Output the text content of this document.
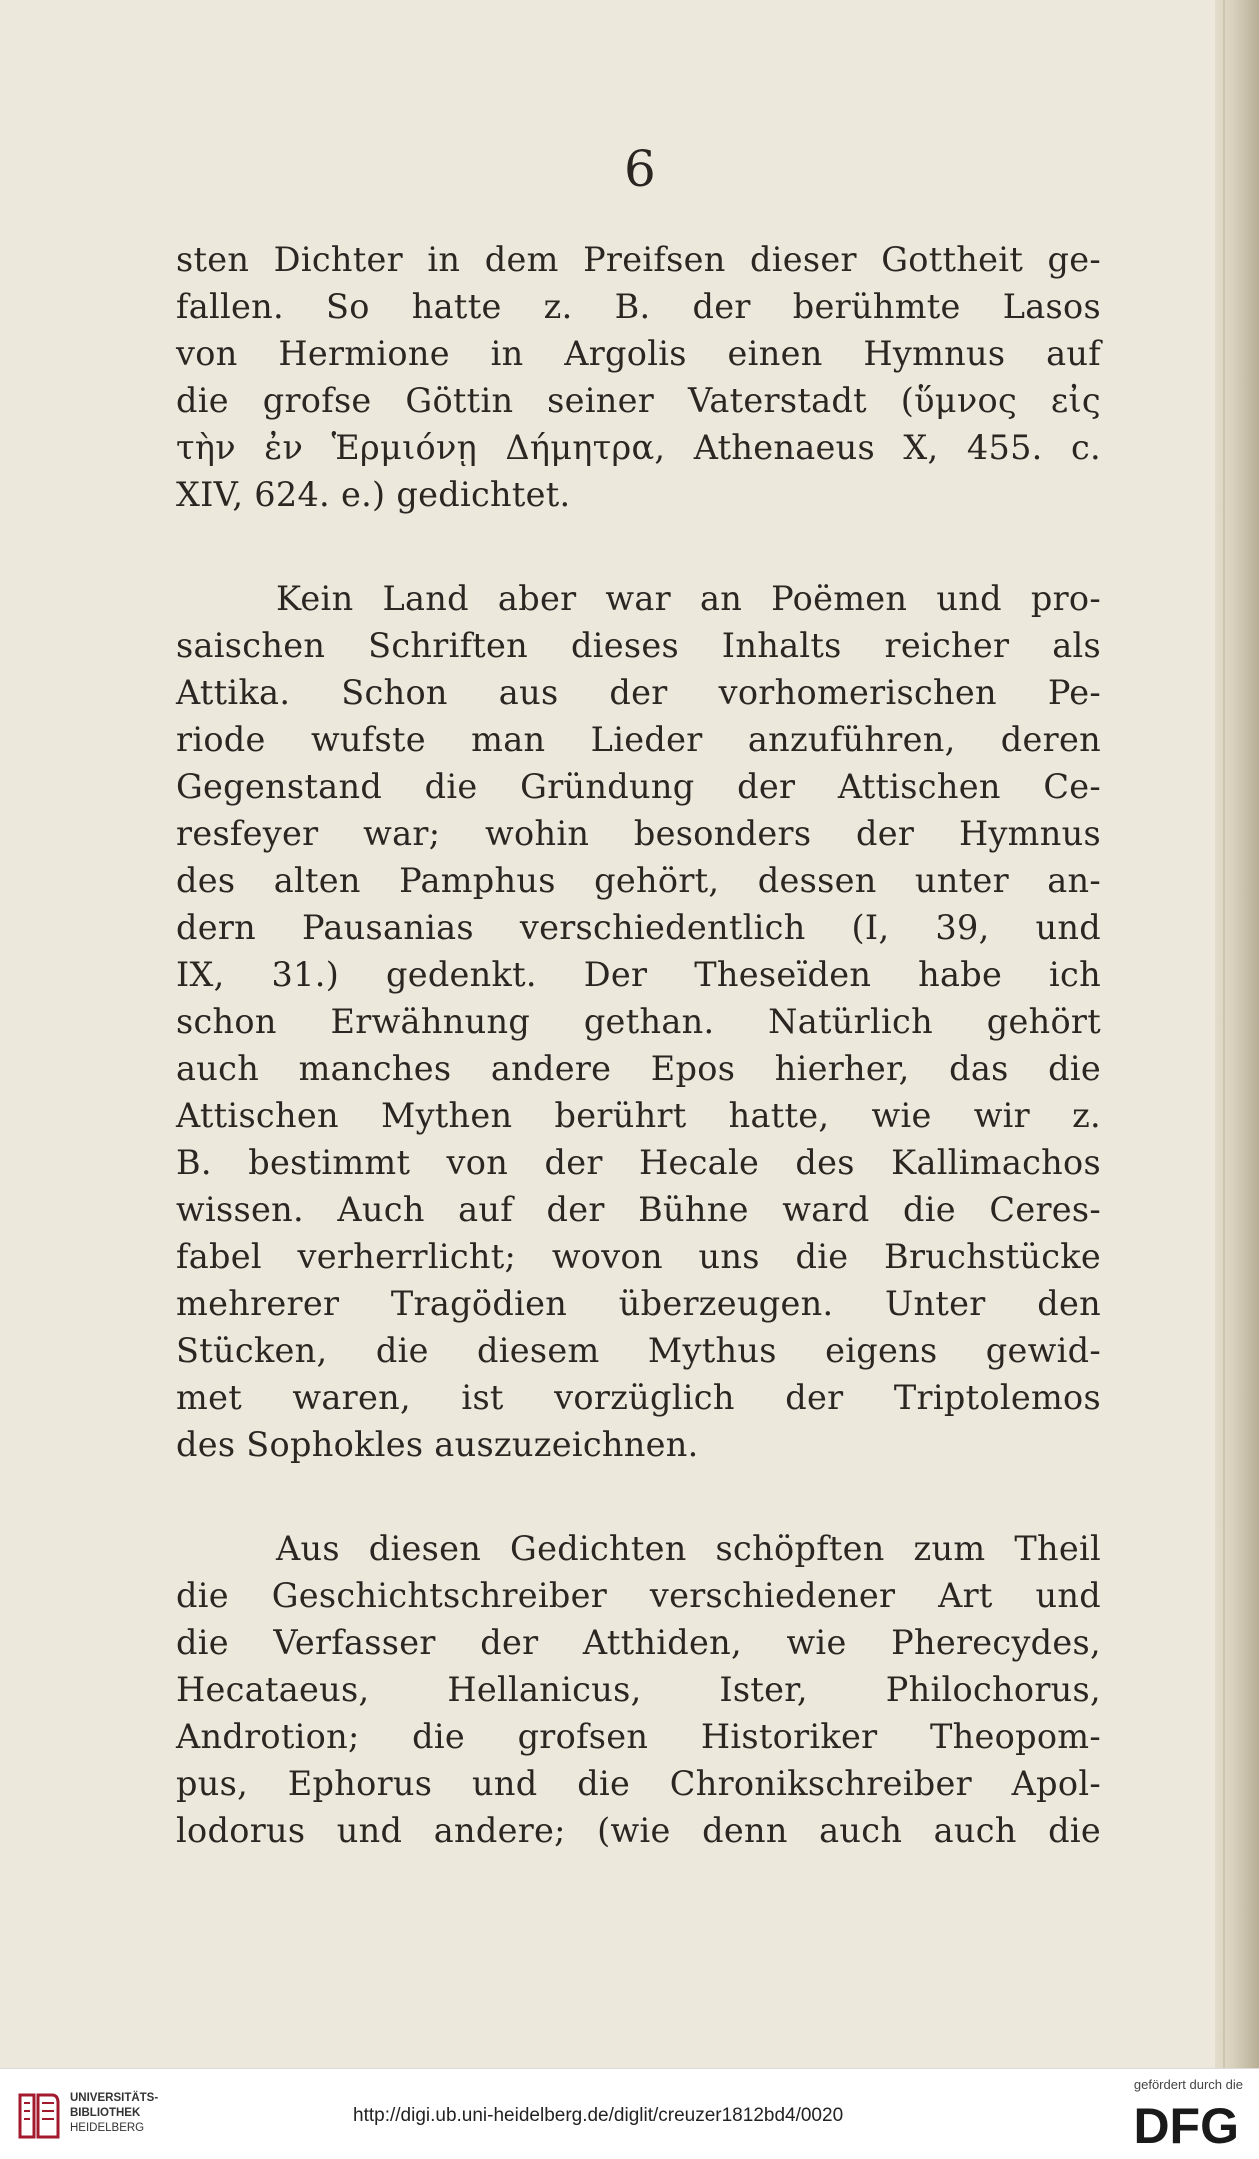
6
sten Dichter in dem Preifsen dieser Gottheit ge-
fallen. So hatte z. B. der berühmte Lasos
von Hermione in Argolis einen Hymnus auf
die grofse Göttin seiner Vaterstadt (ὕμνος εἰς
τὴν ἐν Ἑρμιόνῃ Δήμητρα, Athenaeus X, 455. c.
XIV, 624. e.) gedichtet.
Kein Land aber war an Poëmen und pro-
saischen Schriften dieses Inhalts reicher als
Attika. Schon aus der vorhomerischen Pe-
riode wufste man Lieder anzuführen, deren
Gegenstand die Gründung der Attischen Ce-
resfeyer war; wohin besonders der Hymnus
des alten Pamphus gehört, dessen unter an-
dern Pausanias verschiedentlich (I, 39, und
IX, 31.) gedenkt. Der Theseïden habe ich
schon Erwähnung gethan. Natürlich gehört
auch manches andere Epos hierher, das die
Attischen Mythen berührt hatte, wie wir z.
B. bestimmt von der Hecale des Kallimachos
wissen. Auch auf der Bühne ward die Ceres-
fabel verherrlicht; wovon uns die Bruchstücke
mehrerer Tragödien überzeugen. Unter den
Stücken, die diesem Mythus eigens gewid-
met waren, ist vorzüglich der Triptolemos
des Sophokles auszuzeichnen.
Aus diesen Gedichten schöpften zum Theil
die Geschichtschreiber verschiedener Art und
die Verfasser der Atthiden, wie Pherecydes,
Hecataeus, Hellanicus, Ister, Philochorus,
Androtion; die grofsen Historiker Theopom-
pus, Ephorus und die Chronikschreiber Apol-
lodorus und andere; (wie denn auch auch die
UNIVERSITÄTS-
BIBLIOTHEK
HEIDELBERG
http://digi.ub.uni-heidelberg.de/diglit/creuzer1812bd4/0020
gefördert durch die
DFG
